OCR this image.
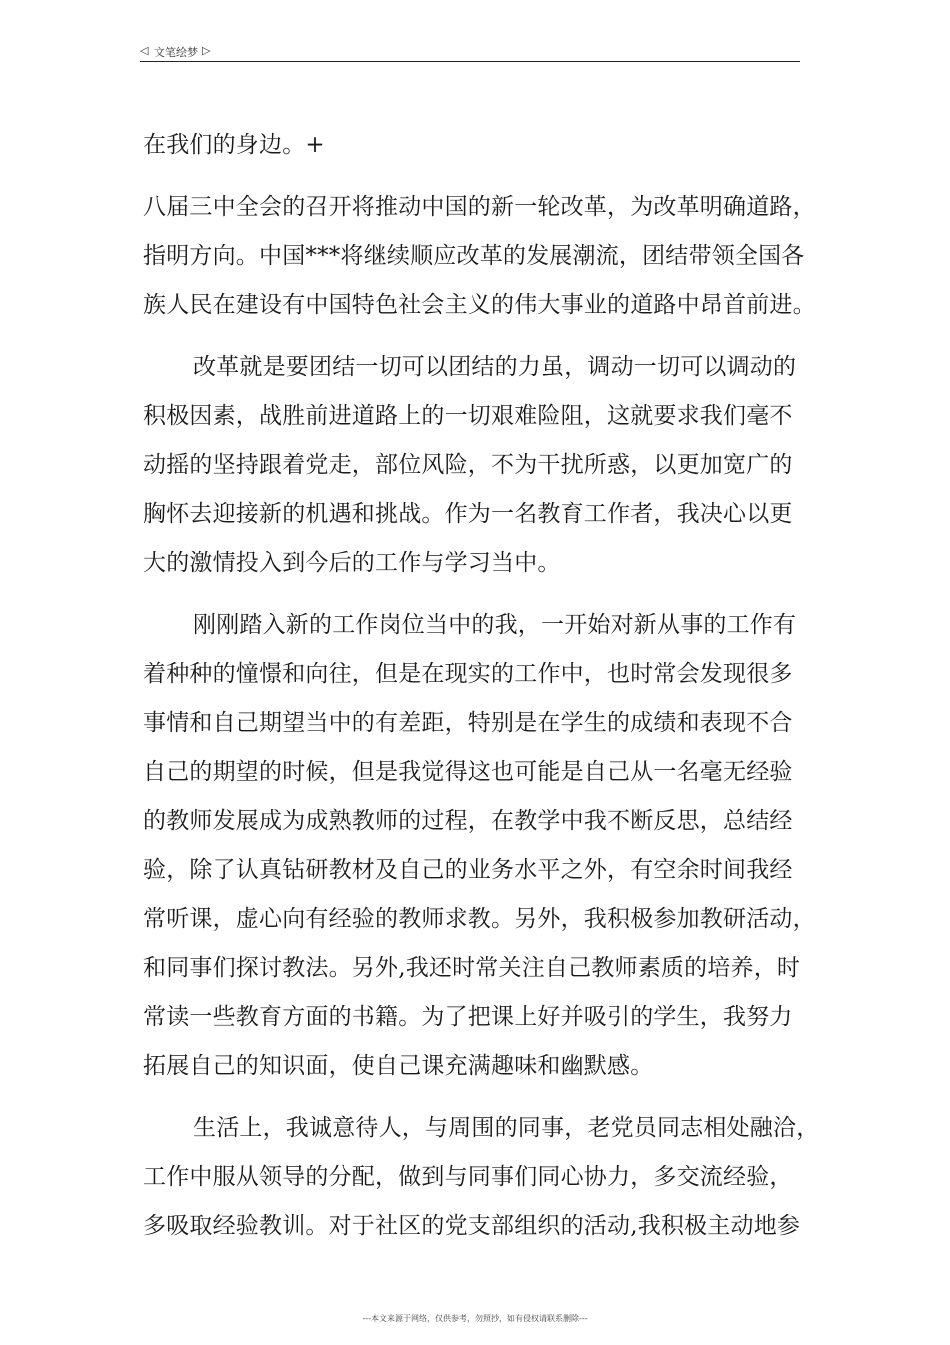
◁ 文笔绘梦 ▷
在我们的身边。+
八届三中全会的召开将推动中国的新一轮改革，为改革明确道路，
指明方向。中国***将继续顺应改革的发展潮流，团结带领全国各
族人民在建设有中国特色社会主义的伟大事业的道路中昂首前进。
改革就是要团结一切可以团结的力虽，调动一切可以调动的
积极因素，战胜前进道路上的一切艰难险阻，这就要求我们毫不
动摇的坚持跟着党走，部位风险，不为干扰所惑，以更加宽广的
胸怀去迎接新的机遇和挑战。作为一名教育工作者，我决心以更
大的激情投入到今后的工作与学习当中。
刚刚踏入新的工作岗位当中的我，一开始对新从事的工作有
着种种的憧憬和向往，但是在现实的工作中，也时常会发现很多
事情和自己期望当中的有差距，特别是在学生的成绩和表现不合
自己的期望的时候，但是我觉得这也可能是自己从一名毫无经验
的教师发展成为成熟教师的过程，在教学中我不断反思，总结经
验，除了认真钻研教材及自己的业务水平之外，有空余时间我经
常听课，虚心向有经验的教师求教。另外，我积极参加教研活动，
和同事们探讨教法。另外,我还时常关注自己教师素质的培养，时
常读一些教育方面的书籍。为了把课上好并吸引的学生，我努力
拓展自己的知识面，使自己课充满趣味和幽默感。
生活上，我诚意待人，与周围的同事，老党员同志相处融洽，
工作中服从领导的分配，做到与同事们同心协力，多交流经验，
多吸取经验教训。对于社区的党支部组织的活动,我积极主动地参
---本文来源于网络，仅供参考，勿照抄，如有侵权请联系删除---
